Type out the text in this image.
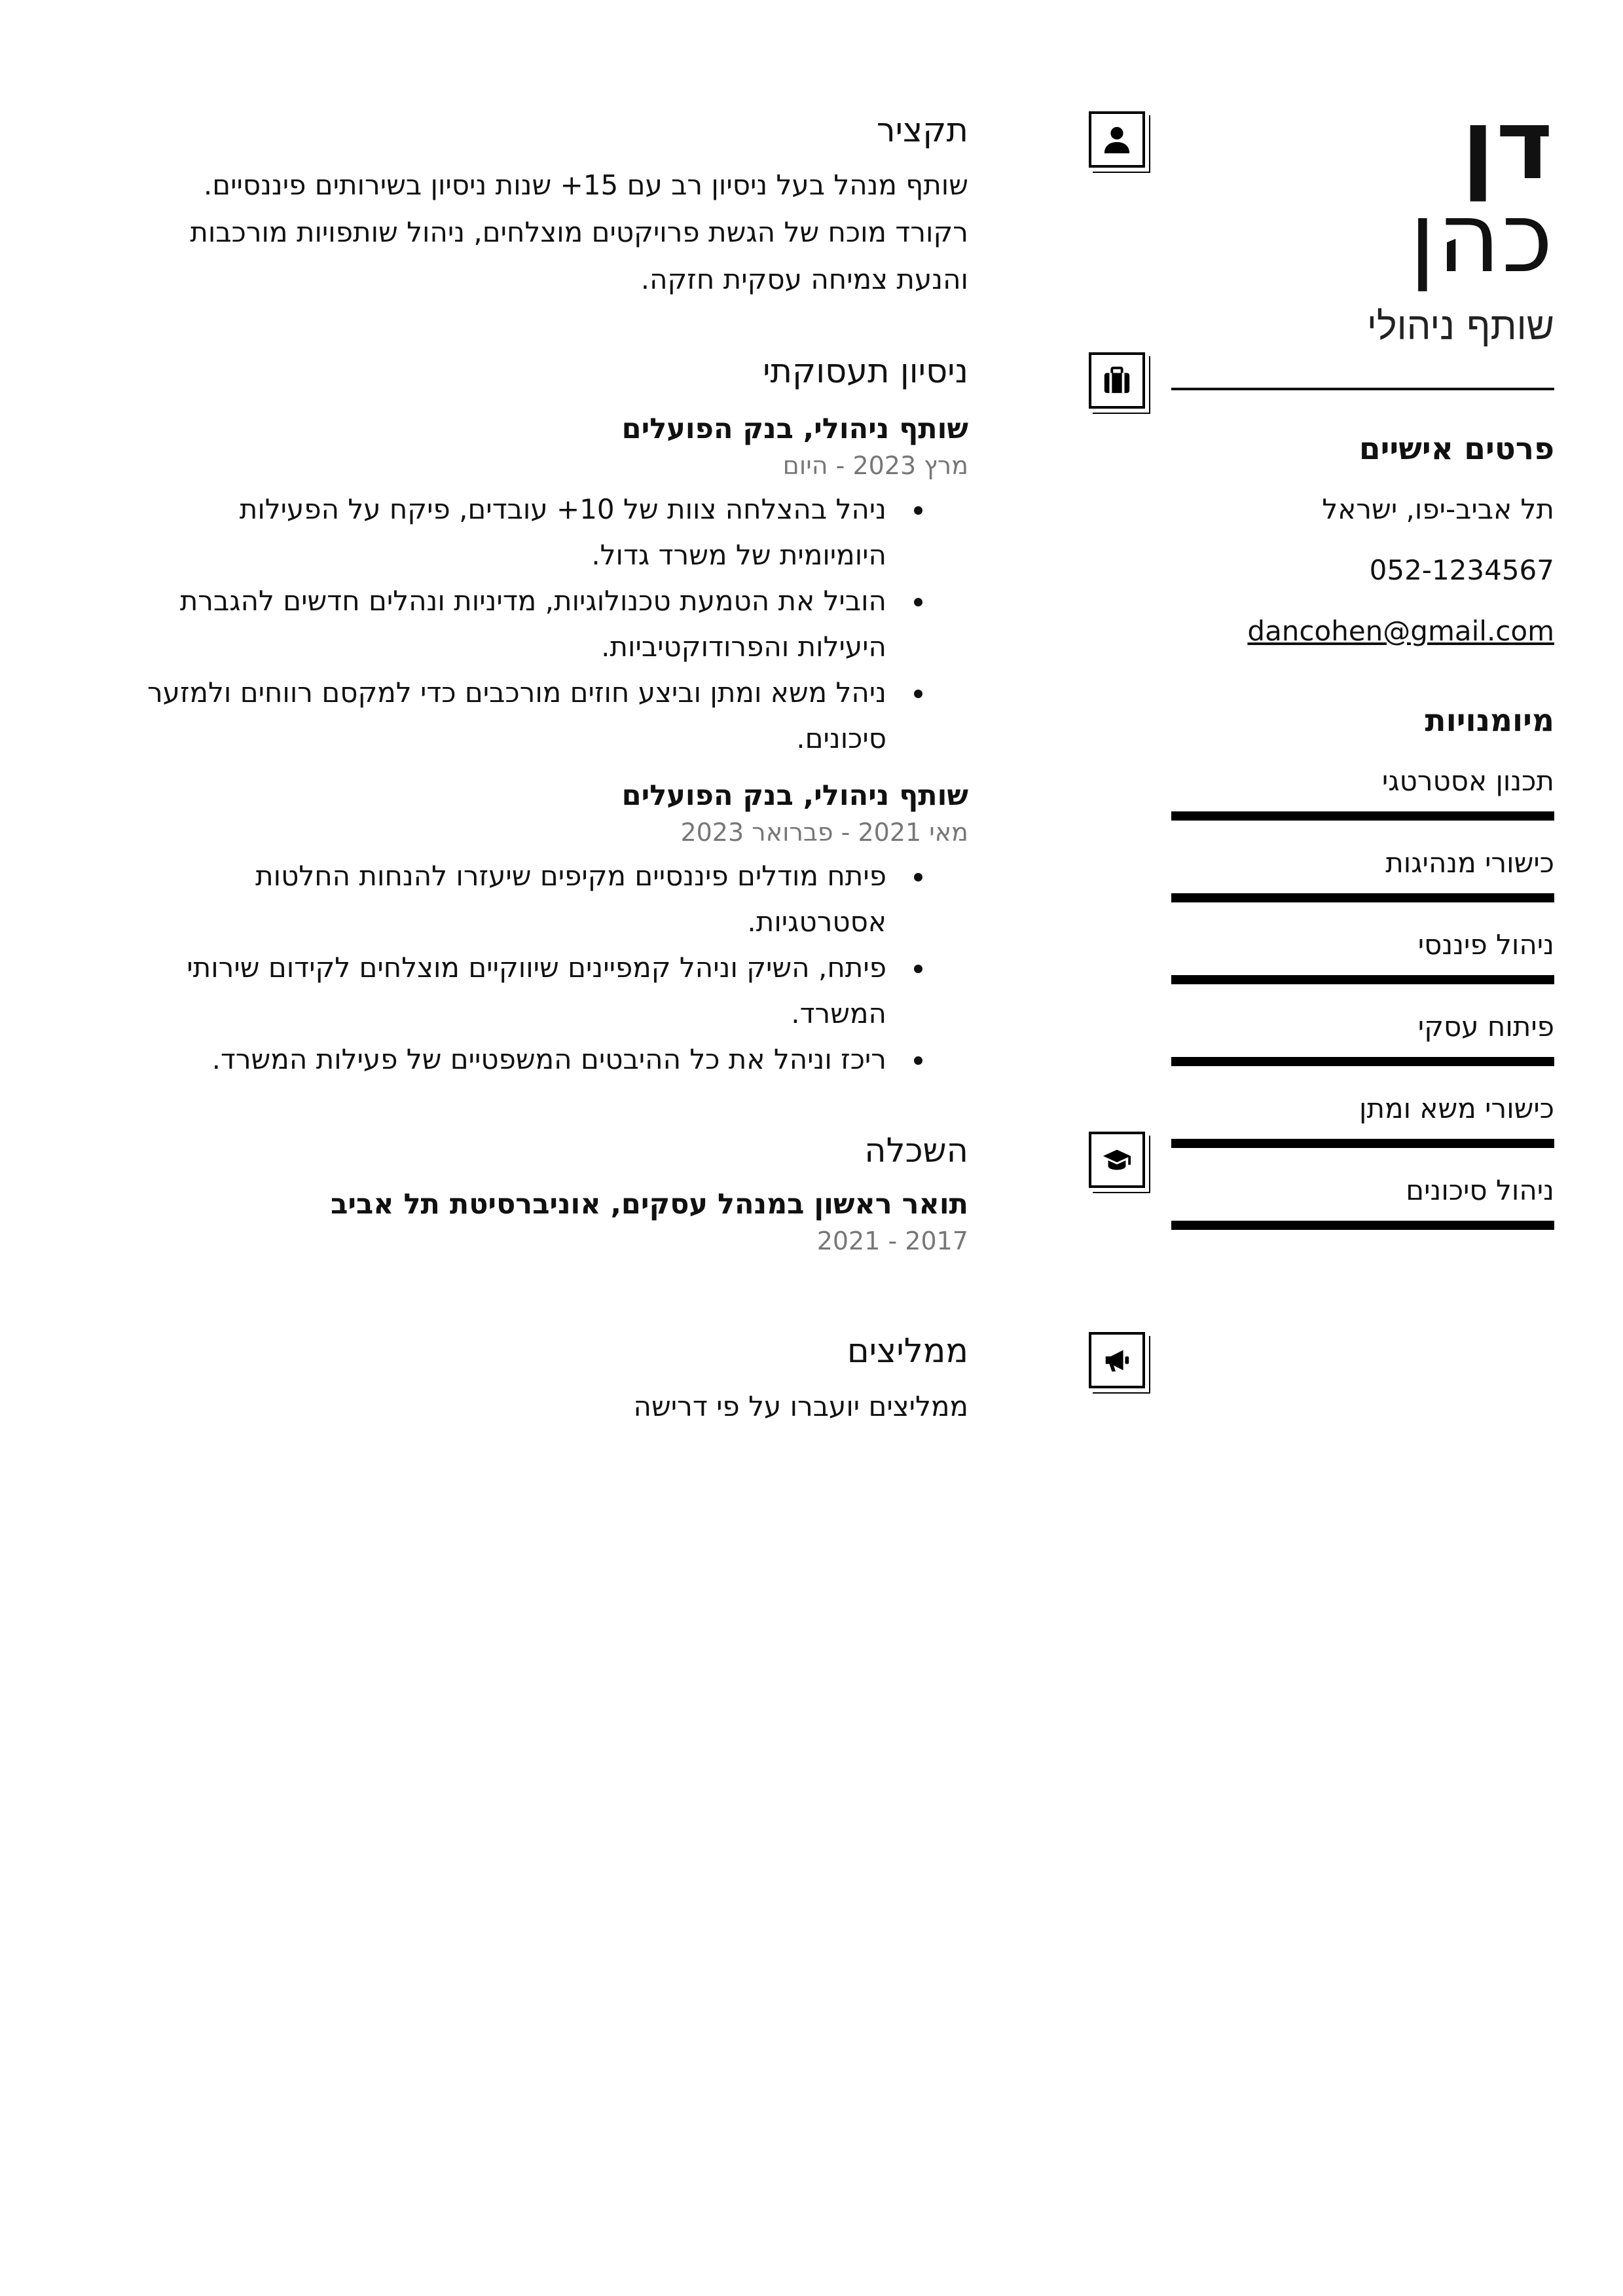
דן
כהן
שותף ניהולי
פרטים אישיים
תל אביב-יפו, ישראל
052-1234567
dancohen@gmail.com
מיומנויות
תכנון אסטרטגי
כישורי מנהיגות
ניהול פיננסי
פיתוח עסקי
כישורי משא ומתן
ניהול סיכונים
תקציר
שותף מנהל בעל ניסיון רב עם 15+ שנות ניסיון בשירותים פיננסיים. רקורד מוכח של הגשת פרויקטים מוצלחים, ניהול שותפויות מורכבות והנעת צמיחה עסקית חזקה.
ניסיון תעסוקתי
שותף ניהולי, בנק הפועלים
מרץ 2023 - היום
ניהל בהצלחה צוות של 10+ עובדים, פיקח על הפעילות היומיומית של משרד גדול.
הוביל את הטמעת טכנולוגיות, מדיניות ונהלים חדשים להגברת היעילות והפרודוקטיביות.
ניהל משא ומתן וביצע חוזים מורכבים כדי למקסם רווחים ולמזער סיכונים.
שותף ניהולי, בנק הפועלים
מאי 2021 - פברואר 2023
פיתח מודלים פיננסיים מקיפים שיעזרו להנחות החלטות אסטרטגיות.
פיתח, השיק וניהל קמפיינים שיווקיים מוצלחים לקידום שירותי המשרד.
ריכז וניהל את כל ההיבטים המשפטיים של פעילות המשרד.
השכלה
תואר ראשון במנהל עסקים, אוניברסיטת תל אביב
2017 - 2021
ממליצים
ממליצים יועברו על פי דרישה
